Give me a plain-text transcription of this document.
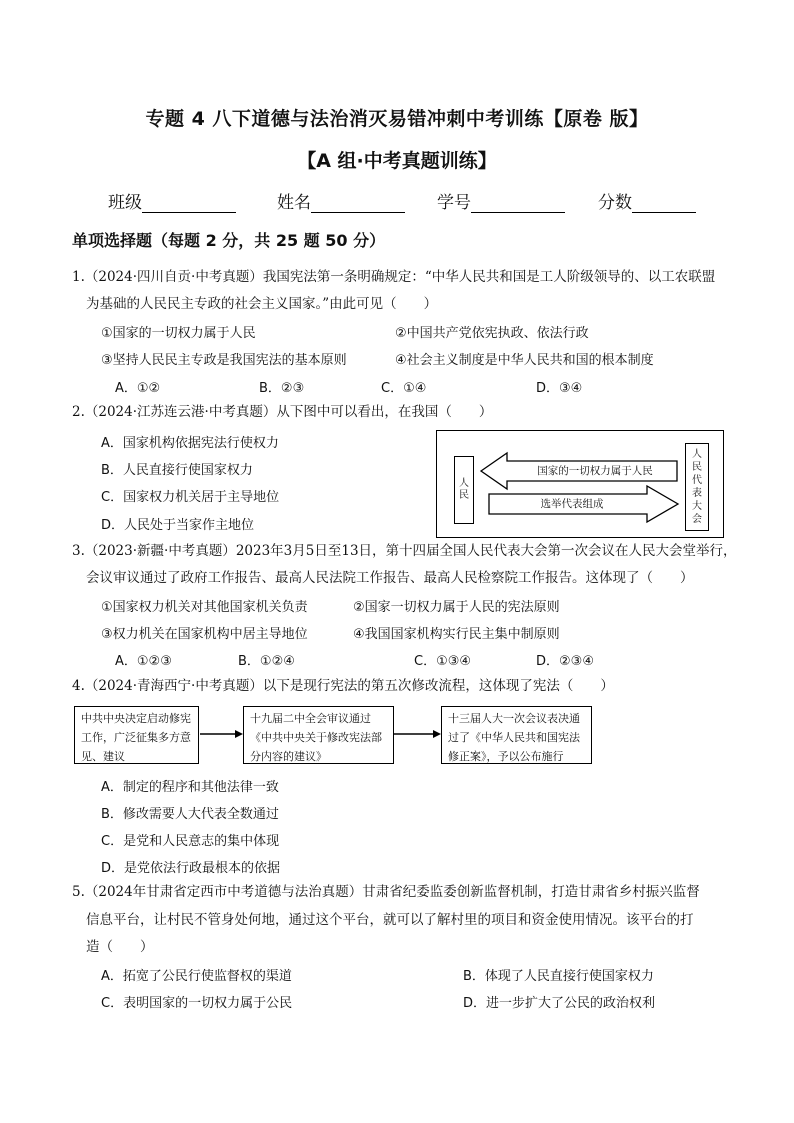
专题 4 八下道德与法治消灭易错冲刺中考训练【原卷 版】
【A 组·中考真题训练】
班级	姓名	学号	分数
单项选择题（每题 2 分，共 25 题 50 分）
1.（2024·四川自贡·中考真题）我国宪法第一条明确规定：“中华人民共和国是工人阶级领导的、以工农联盟
为基础的人民民主专政的社会主义国家。”由此可见（　　）
①国家的一切权力属于人民	②中国共产党依宪执政、依法行政
③坚持人民民主专政是我国宪法的基本原则	④社会主义制度是中华人民共和国的根本制度
A．①②	B．②③	C．①④	D．③④
2.（2024·江苏连云港·中考真题）从下图中可以看出，在我国（　　）
A．国家机构依据宪法行使权力
B．人民直接行使国家权力
C．国家权力机关居于主导地位
D．人民处于当家作主地位
人民
人民代表大会
国家的一切权力属于人民
选举代表组成
3.（2023·新疆·中考真题）2023年3月5日至13日，第十四届全国人民代表大会第一次会议在人民大会堂举行，
会议审议通过了政府工作报告、最高人民法院工作报告、最高人民检察院工作报告。这体现了（　　）
①国家权力机关对其他国家机关负责	②国家一切权力属于人民的宪法原则
③权力机关在国家机构中居主导地位	④我国国家机构实行民主集中制原则
A．①②③	B．①②④	C．①③④	D．②③④
4.（2024·青海西宁·中考真题）以下是现行宪法的第五次修改流程，这体现了宪法（　　）
中共中央决定启动修宪工作，广泛征集多方意见、建议
十九届二中全会审议通过《中共中央关于修改宪法部分内容的建议》
十三届人大一次会议表决通过了《中华人民共和国宪法修正案》，予以公布施行
A．制定的程序和其他法律一致
B．修改需要人大代表全数通过
C．是党和人民意志的集中体现
D．是党依法行政最根本的依据
5.（2024年甘肃省定西市中考道德与法治真题）甘肃省纪委监委创新监督机制，打造甘肃省乡村振兴监督
信息平台，让村民不管身处何地，通过这个平台，就可以了解村里的项目和资金使用情况。该平台的打
造（　　）
A．拓宽了公民行使监督权的渠道	B．体现了人民直接行使国家权力
C．表明国家的一切权力属于公民	D．进一步扩大了公民的政治权利
